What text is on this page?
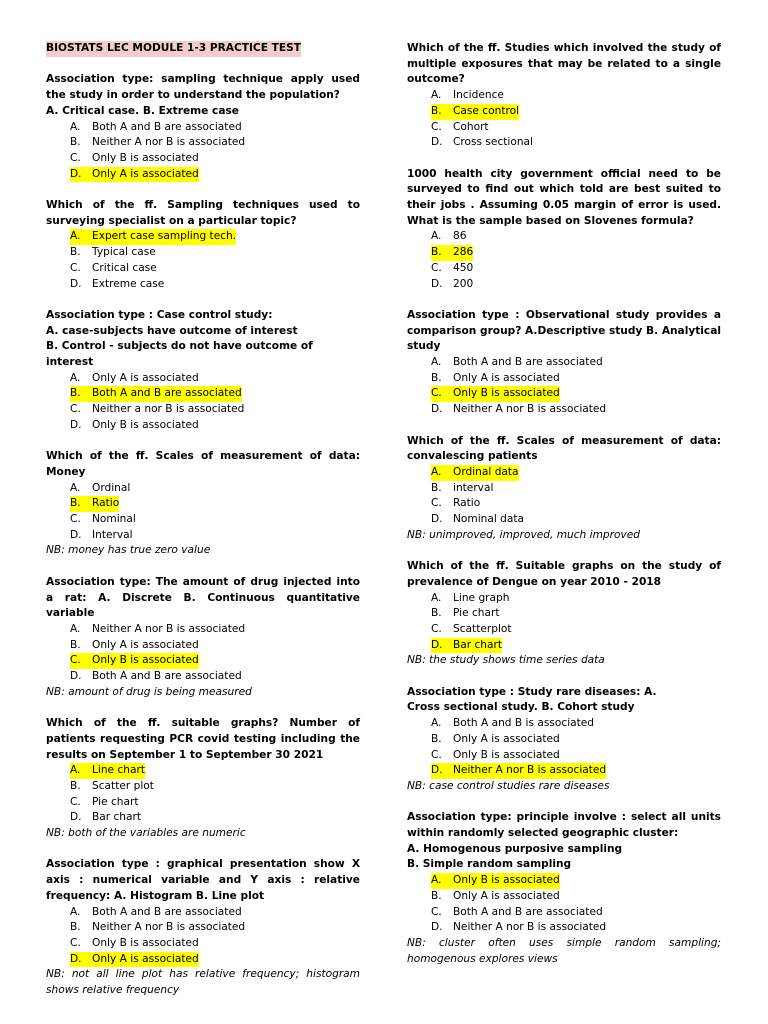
BIOSTATS LEC MODULE 1-3 PRACTICE TEST
Association type: sampling technique apply used the study in order to understand the population?
A. Critical case. B. Extreme case
A.	Both A and B are associated
B.	Neither A nor B is associated
C.	Only B is associated
D. Only A is associated
Which of the ff. Sampling techniques used to surveying specialist on a particular topic?
A.	Expert case sampling tech.
B.	Typical case
C.	Critical case
D. Extreme case
Association type : Case control study:
A. case-subjects have outcome of interest
B. Control - subjects do not have outcome of interest
A.	Only A is associated
B.	Both A and B are associated
C.	Neither a nor B is associated
D. Only B is associated
Which of the ff. Scales of measurement of data: Money
A.	Ordinal
B.	Ratio
C.	Nominal
D. Interval
NB: money has true zero value
Association type: The amount of drug injected into a rat: A. Discrete B. Continuous quantitative variable
A.	Neither A nor B is associated
B.	Only A is associated
C.	Only B is associated
D. Both A and B are associated
NB: amount of drug is being measured
Which of the ff. suitable graphs? Number of patients requesting PCR covid testing including the results on September 1 to September 30 2021
A.	Line chart
B.	Scatter plot
C.	Pie chart
D. Bar chart
NB: both of the variables are numeric
Association type : graphical presentation show X axis : numerical variable and Y axis : relative frequency: A. Histogram B. Line plot
A.	Both A and B are associated
B.	Neither A nor B is associated
C.	Only B is associated
D. Only A is associated
NB: not all line plot has relative frequency; histogram shows relative frequency
Which of the ff. Studies which involved the study of multiple exposures that may be related to a single outcome?
A.	Incidence
B.	Case control
C.	Cohort
D. Cross sectional
1000 health city government official need to be surveyed to find out which told are best suited to their jobs . Assuming 0.05 margin of error is used. What is the sample based on Slovenes formula?
A.	86
B.	286
C.	450
D. 200
Association type : Observational study provides a comparison group? A.Descriptive study B. Analytical study
A.	Both A and B are associated
B.	Only A is associated
C.	Only B is associated
D. Neither A nor B is associated
Which of the ff. Scales of measurement of data: convalescing patients
A.	Ordinal data
B.	interval
C.	Ratio
D. Nominal data
NB: unimproved, improved, much improved
Which of the ff. Suitable graphs on the study of prevalence of Dengue on year 2010 - 2018
A.	Line graph
B.	Pie chart
C.	Scatterplot
D. Bar chart
NB: the study shows time series data
Association type : Study rare diseases: A.
Cross sectional study. B. Cohort study
A.	Both A and B is associated
B.	Only A is associated
C.	Only B is associated
D. Neither A nor B is associated
NB: case control studies rare diseases
Association type: principle involve : select all units within randomly selected geographic cluster:
A. Homogenous purposive sampling
B. Simple random sampling
A.	Only B is associated
B.	Only A is associated
C.	Both A and B are associated
D. Neither A nor B is associated
NB: cluster often uses simple random sampling; homogenous explores views
